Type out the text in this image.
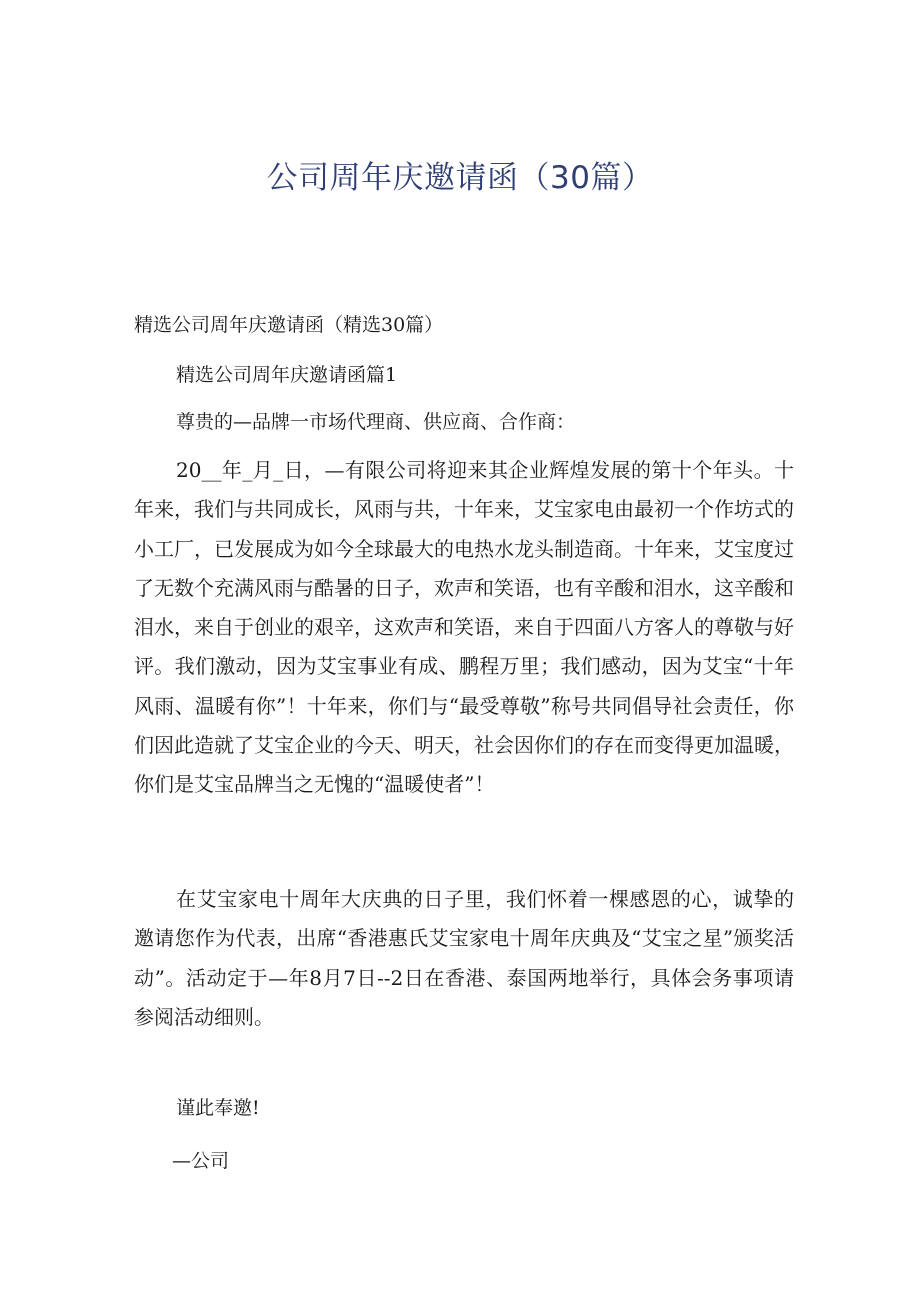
公司周年庆邀请函（30篇）

精选公司周年庆邀请函（精选30篇）

精选公司周年庆邀请函篇1

尊贵的—品牌一市场代理商、供应商、合作商：

20__年_月_日，—有限公司将迎来其企业辉煌发展的第十个年头。十年来，我们与共同成长，风雨与共，十年来，艾宝家电由最初一个作坊式的小工厂，已发展成为如今全球最大的电热水龙头制造商。十年来，艾宝度过了无数个充满风雨与酷暑的日子，欢声和笑语，也有辛酸和泪水，这辛酸和泪水，来自于创业的艰辛，这欢声和笑语，来自于四面八方客人的尊敬与好评。我们激动，因为艾宝事业有成、鹏程万里；我们感动，因为艾宝“十年风雨、温暖有你”！十年来，你们与“最受尊敬”称号共同倡导社会责任，你们因此造就了艾宝企业的今天、明天，社会因你们的存在而变得更加温暖，你们是艾宝品牌当之无愧的“温暖使者”！

在艾宝家电十周年大庆典的日子里，我们怀着一棵感恩的心，诚挚的邀请您作为代表，出席“香港惠氏艾宝家电十周年庆典及“艾宝之星”颁奖活动”。活动定于—年8月7日--2日在香港、泰国两地举行，具体会务事项请参阅活动细则。

谨此奉邀!

—公司
